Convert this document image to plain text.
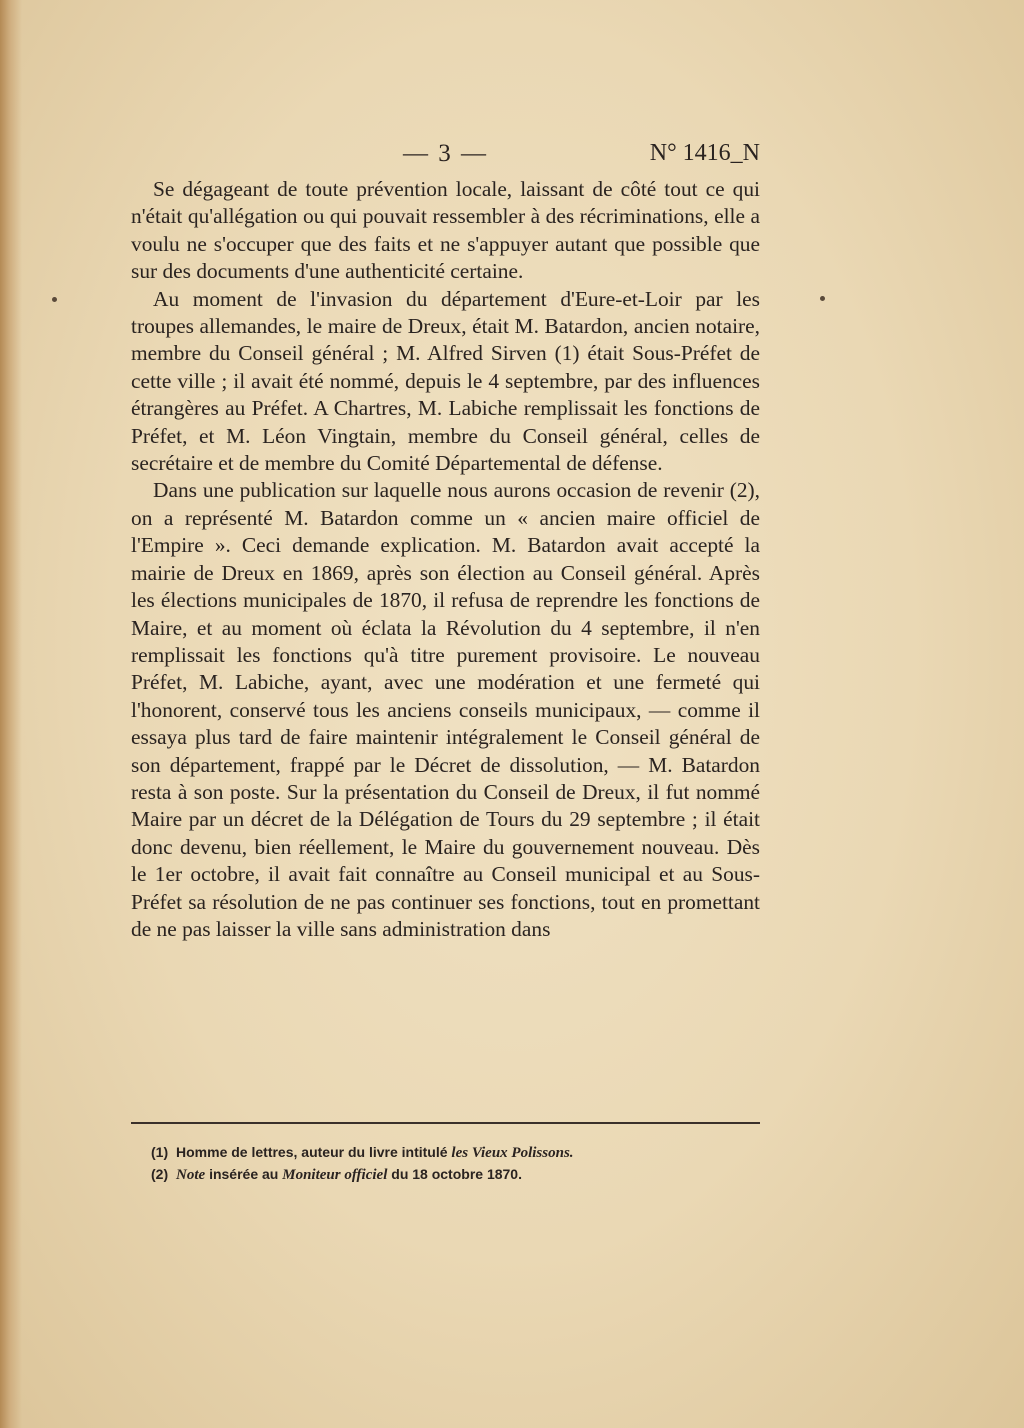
— 3 —	N° 1416_N

Se dégageant de toute prévention locale, laissant de côté tout ce qui n'était qu'allégation ou qui pouvait ressembler à des récriminations, elle a voulu ne s'occuper que des faits et ne s'appuyer autant que possible que sur des documents d'une authenticité certaine.

Au moment de l'invasion du département d'Eure-et-Loir par les troupes allemandes, le maire de Dreux, était M. Batardon, ancien notaire, membre du Conseil général ; M. Alfred Sirven (1) était Sous-Préfet de cette ville ; il avait été nommé, depuis le 4 septembre, par des influences étrangères au Préfet. A Chartres, M. Labiche remplissait les fonctions de Préfet, et M. Léon Vingtain, membre du Conseil général, celles de secrétaire et de membre du Comité Départemental de défense.

Dans une publication sur laquelle nous aurons occasion de revenir (2), on a représenté M. Batardon comme un « ancien maire officiel de l'Empire ». Ceci demande explication. M. Batardon avait accepté la mairie de Dreux en 1869, après son élection au Conseil général. Après les élections municipales de 1870, il refusa de reprendre les fonctions de Maire, et au moment où éclata la Révolution du 4 septembre, il n'en remplissait les fonctions qu'à titre purement provisoire. Le nouveau Préfet, M. Labiche, ayant, avec une modération et une fermeté qui l'honorent, conservé tous les anciens conseils municipaux, — comme il essaya plus tard de faire maintenir intégralement le Conseil général de son département, frappé par le Décret de dissolution, — M. Batardon resta à son poste. Sur la présentation du Conseil de Dreux, il fut nommé Maire par un décret de la Délégation de Tours du 29 septembre ; il était donc devenu, bien réellement, le Maire du gouvernement nouveau. Dès le 1er octobre, il avait fait connaître au Conseil municipal et au Sous-Préfet sa résolution de ne pas continuer ses fonctions, tout en promettant de ne pas laisser la ville sans administration dans

(1) Homme de lettres, auteur du livre intitulé les Vieux Polissons.

(2) Note insérée au Moniteur officiel du 18 octobre 1870.
